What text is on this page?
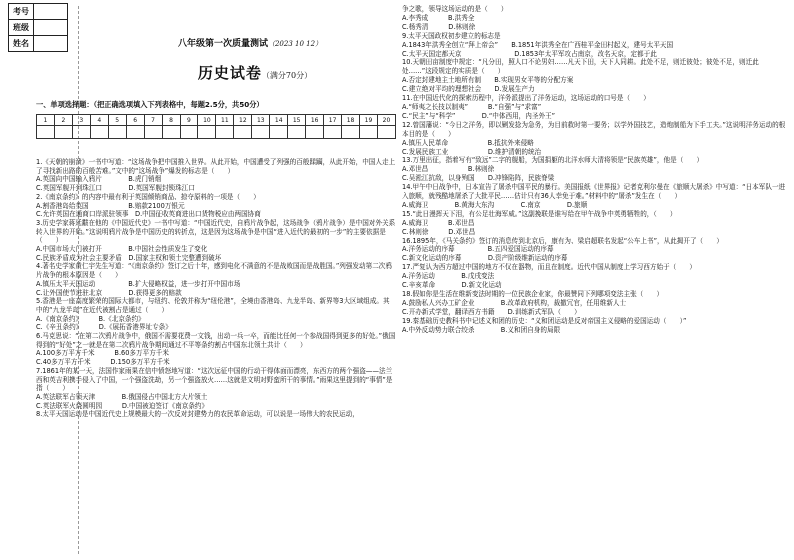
考号	
班级	
姓名		八年级第一次质量测试（2023 10 12）
历史试卷（满分70分）
一、单项选择题：（把正确选项填入下列表格中，每题2.5分，共50分）
1	2	3	4	5	6	7	8	9	10	11	12	13	14	15	16	17	18	19	20

1.《天朝的崩溃》一书中写道：“这场战争把中国推入世界。从此开始，中国遭受了列强的百般蹂躏，从此开始，中国人走上了寻找新出路的百般苦难。”文中的“这场战争”爆发的标志是（　　）
A.英国向中国输入鸦片　　　　B.虎门销烟
C.英国军舰开到珠江口　　　　D.英国军舰封锁珠江口
2.《南京条约》的内容中最有利于英国倾销商品、掠夺原料的一项是（　　）
A.割香港岛给英国　　　　　　B.赔款2100万银元
C.允许英国在通商口岸派驻领事　D.中国征收英商进出口货物税应由两国协商
3.历史学家蒋廷黻在他的《中国近代史》一书中写道：“中国近代史，自鸦片战争起，这场战争（鸦片战争）是中国对外关系转入世界的开始。”这说明鸦片战争是中国历史的转折点，这是因为这场战争是中国“进入近代的最初的一步”的主要依据是（　　）
A.中国市场大门被打开　　　　B.中国社会性质发生了变化
C.民族矛盾成为社会主要矛盾　D.国家主权和领土完整遭到破坏
4.著名史学家黄仁宇先生写道：“《南京条约》签订之后十年，感到电化不满意的不是战败国而是战胜国。”列强发动第二次鸦片战争的根本原因是（　　）
A.镇压太平天国运动　　　　　B.扩大侵略权益，进一步打开中国市场
C.让外国使节进驻北京　　　　D.获得更多的赔款
5.香港是一座高度繁荣的国际大都市，与纽约、伦敦并称为“纽伦港”，全境由香港岛、九龙半岛、新界等3大区域组成。其中的“九龙半岛”在近代被割占是通过（　　）
A.《南京条约》　　　B.《北京条约》
C.《辛丑条约》　　　D.《展拓香港界址专条》
6.马克思说：“在第二次鸦片战争中，俄国不需要花费一文钱，出动一兵一卒，而能比任何一个参战国得到更多的好处。”俄国得到的“好处”之一就是在第二次鸦片战争期间通过不平等条约割占中国东北领土共计（　　）
A.100多万平方千米　　　B.60多万平方千米
C.40多万平方千米　　　D.150多万平方千米
7.1861年的某一天，法国作家雨果在信中愤怒地写道：“这次远征中国的行动干得体面而漂亮，东西方的两个强盗——法兰西和英吉利携手侵入了中国，一个强盗洗劫，另一个强盗放火……这就是文明对野蛮所干的事情。”雨果这里提到的“事情”是指（　　）
A.英法联军占领天津　　　　B.俄国侵占中国北方大片领土
C.英法联军火烧圆明园　　　D.中国被迫签订《南京条约》
8.太平天国运动是中国近代史上规模最大的一次反对封建势力的农民革命运动，可以说是一场伟大的农民运动，
争之歌，领导这场运动的是（　　）
A.李秀成　　　B.洪秀全
C.杨秀清　　　D.林则徐
9.太平天国政权初步建立的标志是
A.1843年洪秀全创立“拜上帝会”　　B.1851年洪秀全在广西桂平金田村起义，建号太平天国
C.太平天国定都天京　　　　　　　　D.1853年太平军攻占南京，改名天京，定都于此
10.天朝田亩制度中规定：“凡分田，照人口不论男妇……凡天下田，天下人同耕。此处不足，则迁彼处；彼处不足，则迁此处……”这段规定的实质是（　　）
A.否定封建地主土地所有制　　B.实现男女平等的分配方案
C.建立绝对平均的理想社会　　D.发展生产力
11.在中国近代化的探索历程中，洋务派提出了洋务运动，这场运动的口号是（　　）
A.“师夷之长技以制夷”　　　B.“自强”与“求富”
C.“民主”与“科学”　　　　D.“中体西用，内圣外王”
12.曾国藩说：“今日之洋务，即以剿发捻为急务，为目前救时第一要务；以学外国技艺，造炮制船为下手工夫。”这说明洋务运动的根本目的是（　　）
A.镇压人民革命　　　　　　B.抵抗外来侵略
C.发展民族工业　　　　　　D.维护清朝的统治
13.万里出征，指着写有“致远”二字的舰船，为国捐躯的北洋水师大清将领是“民族英雄”，他是（　　）
A.邓世昌　　　　　　B.林则徐
C.吴淞江抗敌，以身殉国　　D.冲锋陷阵，民族脊梁
14.甲午中日战争中，日本宣告了屠杀中国平民的暴行。美国报纸《世界报》记者克利尔曼在《旅顺大屠杀》中写道：“日本军队一进入旅顺，就残酷地屠杀了大批平民……估计只有36人幸免于难。”材料中的“屠杀”发生在（　　）
A.威海卫　　　　B.黄海大东沟　　　　C.南京　　　　D.旅顺
15.“此日漫挥天下泪，有公足壮海军威。”这副挽联是谁写给在甲午战争中英勇牺牲的，（　　）
A.威海卫　　　B.邓世昌
C.林则徐　　　D.邓世昌
16.1895年，《马关条约》签订的消息传到北京后，康有为、梁启超联名发起“公车上书”，从此揭开了（　　）
A.洋务运动的序幕　　　　　B.五四爱国运动的序幕
C.新文化运动的序幕　　　　D.资产阶级维新运动的序幕
17.严复认为西方超过中国的地方不仅在器物，而且在制度。近代中国从制度上学习西方始于（　　）
A.洋务运动　　　　B.戊戌变法
C.辛亥革命　　　　D.新文化运动
18.假如你是生活在维新变法时期的一位民族企业家，你最赞同下列哪项变法主张（　　）
A.鼓励私人兴办工矿企业　　　　B.改革政府机构，裁撤冗官，任用维新人士
C.开办新式学堂，翻译西方书籍　　D.训练新式军队（　　）
19.秦基础历史教科书中记述义和团的历史：“义和团运动是反对帝国主义侵略的爱国运动（　　）”
A.中外反动势力联合绞杀　　　　B.义和团自身的局限
